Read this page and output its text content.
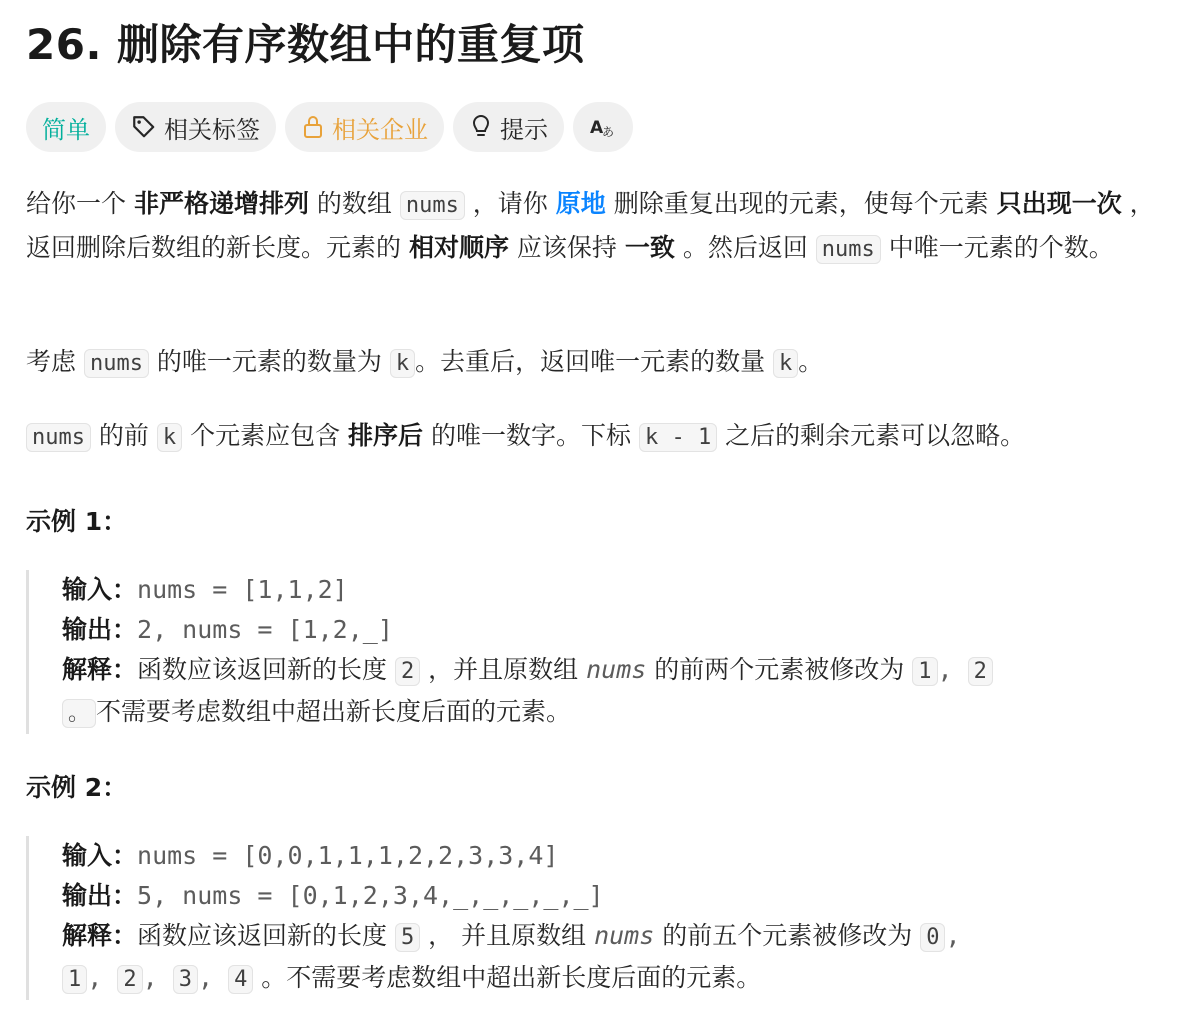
26. 删除有序数组中的重复项
简单	相关标签	相关企业	提示 A
あ

给你一个 非严格递增排列 的数组 nums ，请你 原地 删除重复出现的元素，使每个元素 只出现一次 ，返回删除后数组的新长度。元素的 相对顺序 应该保持 一致 。然后返回 nums 中唯一元素的个数。

考虑 nums 的唯一元素的数量为 k 。去重后，返回唯一元素的数量 k 。

nums 的前 k 个元素应包含 排序后 的唯一数字。下标 k - 1 之后的剩余元素可以忽略。

示例 1：
输入：nums = [1,1,2]
输出：2, nums = [1,2,_]
解释：函数应该返回新的长度 2 ，并且原数组 nums 的前两个元素被修改为 1 , 2
。 不需要考虑数组中超出新长度后面的元素。
示例 2：
输入：nums = [0,0,1,1,1,2,2,3,3,4]
输出：5, nums = [0,1,2,3,4,_,_,_,_,_]
解释：函数应该返回新的长度 5 ， 并且原数组 nums 的前五个元素被修改为 0 ,
1 , 2 , 3 , 4 。不需要考虑数组中超出新长度后面的元素。
